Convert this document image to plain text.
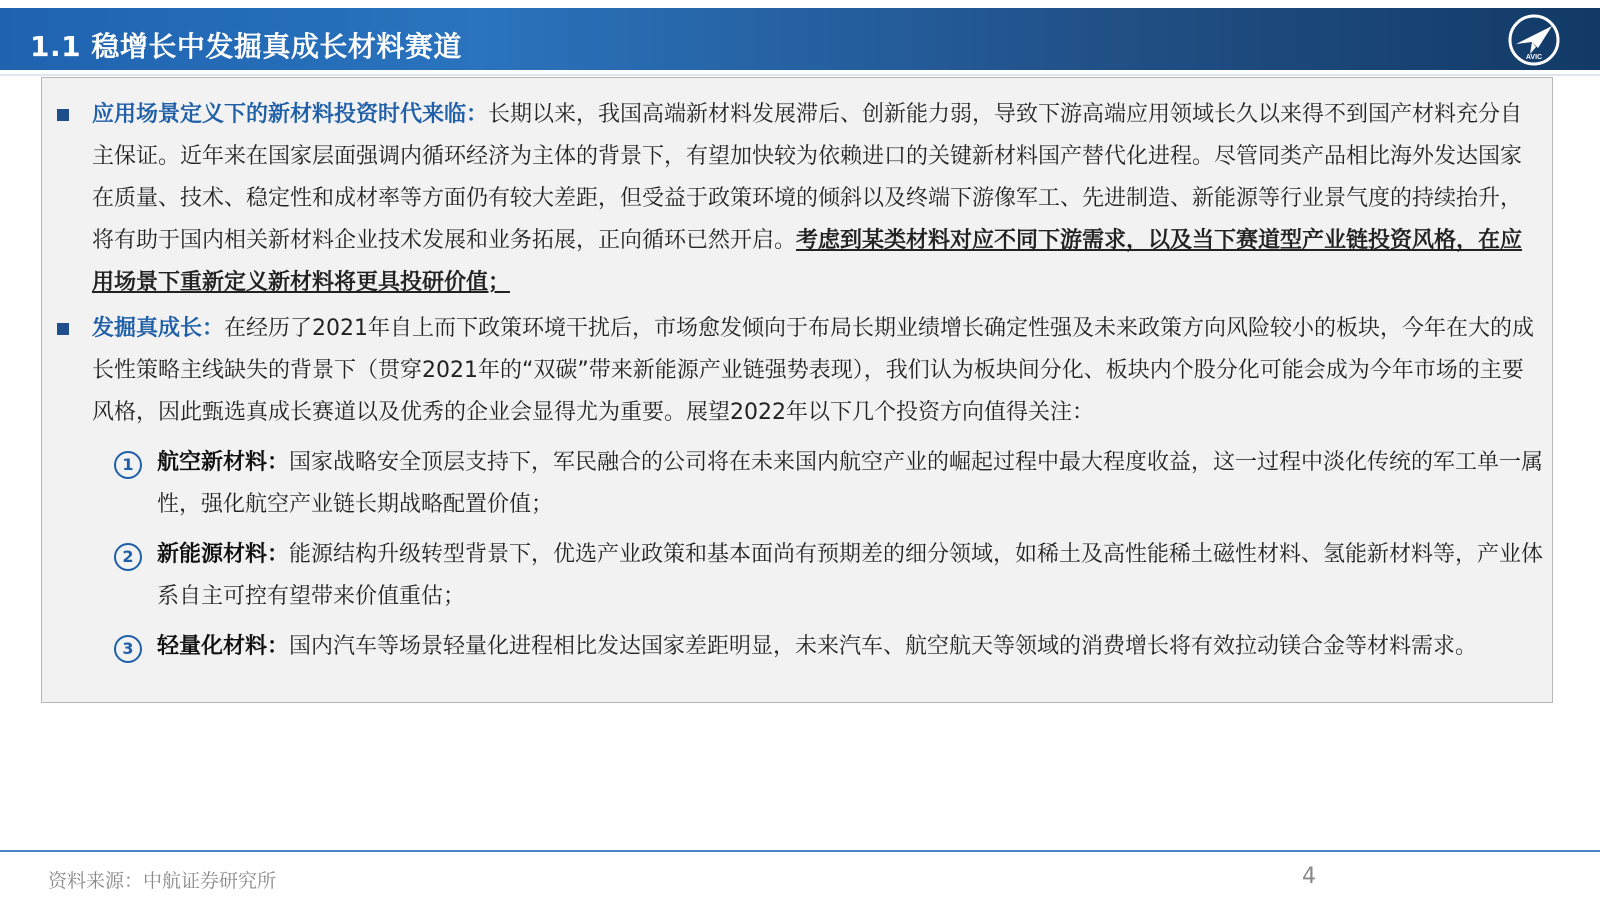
1.1 稳增长中发掘真成长材料赛道	AVIC
应用场景定义下的新材料投资时代来临：长期以来，我国高端新材料发展滞后、创新能力弱，导致下游高端应用领域长久以来得不到国产材料充分自主保证。近年来在国家层面强调内循环经济为主体的背景下，有望加快较为依赖进口的关键新材料国产替代化进程。尽管同类产品相比海外发达国家在质量、技术、稳定性和成材率等方面仍有较大差距，但受益于政策环境的倾斜以及终端下游像军工、先进制造、新能源等行业景气度的持续抬升，将有助于国内相关新材料企业技术发展和业务拓展，正向循环已然开启。考虑到某类材料对应不同下游需求，以及当下赛道型产业链投资风格，在应用场景下重新定义新材料将更具投研价值；
发掘真成长：在经历了2021年自上而下政策环境干扰后，市场愈发倾向于布局长期业绩增长确定性强及未来政策方向风险较小的板块，今年在大的成长性策略主线缺失的背景下（贯穿2021年的“双碳”带来新能源产业链强势表现），我们认为板块间分化、板块内个股分化可能会成为今年市场的主要风格，因此甄选真成长赛道以及优秀的企业会显得尤为重要。展望2022年以下几个投资方向值得关注：
1	航空新材料：国家战略安全顶层支持下，军民融合的公司将在未来国内航空产业的崛起过程中最大程度收益，这一过程中淡化传统的军工单一属性，强化航空产业链长期战略配置价值；
2	新能源材料：能源结构升级转型背景下，优选产业政策和基本面尚有预期差的细分领域，如稀土及高性能稀土磁性材料、氢能新材料等，产业体系自主可控有望带来价值重估；
3	轻量化材料：国内汽车等场景轻量化进程相比发达国家差距明显，未来汽车、航空航天等领域的消费增长将有效拉动镁合金等材料需求。
资料来源：中航证券研究所	4
